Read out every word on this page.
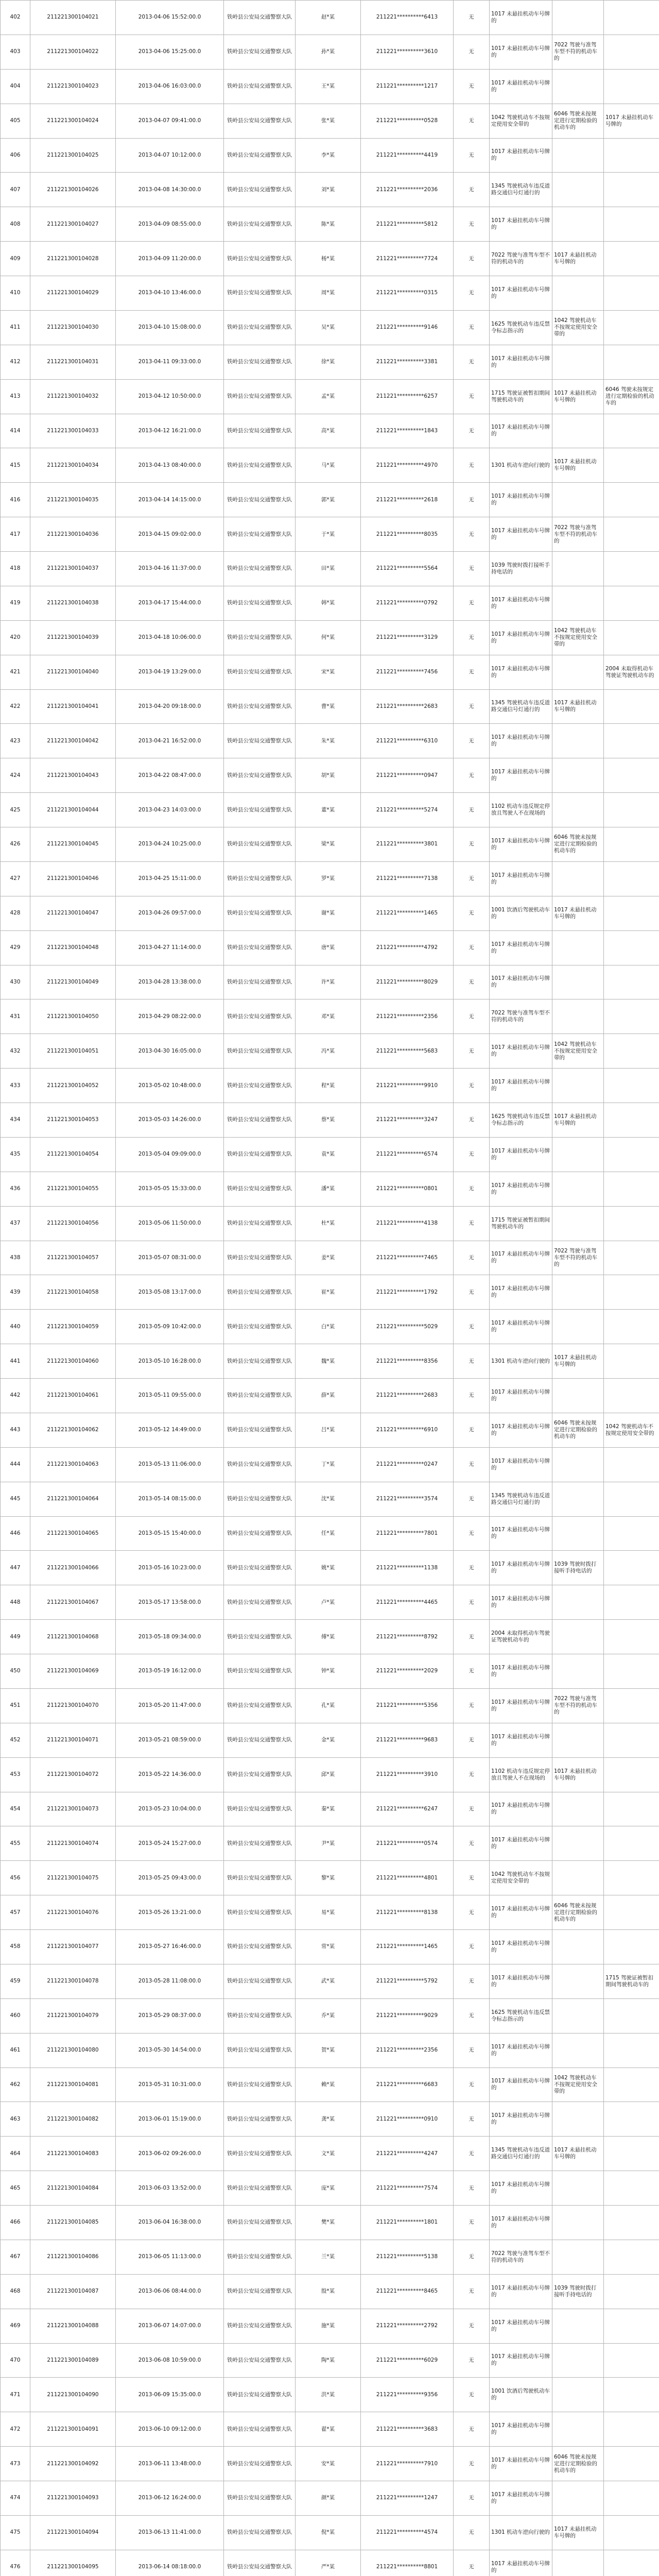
402	211221300104021	2013-04-06 15:52:00.0	铁岭县公安局交通警察大队	赵*某	211221**********6413	无	1017 未悬挂机动车号牌的		
403	211221300104022	2013-04-06 15:25:00.0	铁岭县公安局交通警察大队	孙*某	211221**********3610	无	1017 未悬挂机动车号牌的	7022 驾驶与准驾车型不符的机动车的	
404	211221300104023	2013-04-06 16:03:00.0	铁岭县公安局交通警察大队	王*某	211221**********1217	无	1017 未悬挂机动车号牌的		
405	211221300104024	2013-04-07 09:41:00.0	铁岭县公安局交通警察大队	张*某	211221**********0528	无	1042 驾驶机动车不按规定使用安全带的	6046 驾驶未按规定进行定期检验的机动车的	1017 未悬挂机动车号牌的
406	211221300104025	2013-04-07 10:12:00.0	铁岭县公安局交通警察大队	李*某	211221**********4419	无	1017 未悬挂机动车号牌的		
407	211221300104026	2013-04-08 14:30:00.0	铁岭县公安局交通警察大队	刘*某	211221**********2036	无	1345 驾驶机动车违反道路交通信号灯通行的		
408	211221300104027	2013-04-09 08:55:00.0	铁岭县公安局交通警察大队	陈*某	211221**********5812	无	1017 未悬挂机动车号牌的		
409	211221300104028	2013-04-09 11:20:00.0	铁岭县公安局交通警察大队	杨*某	211221**********7724	无	7022 驾驶与准驾车型不符的机动车的	1017 未悬挂机动车号牌的	
410	211221300104029	2013-04-10 13:46:00.0	铁岭县公安局交通警察大队	周*某	211221**********0315	无	1017 未悬挂机动车号牌的		
411	211221300104030	2013-04-10 15:08:00.0	铁岭县公安局交通警察大队	吴*某	211221**********9146	无	1625 驾驶机动车违反禁令标志指示的	1042 驾驶机动车不按规定使用安全带的	
412	211221300104031	2013-04-11 09:33:00.0	铁岭县公安局交通警察大队	徐*某	211221**********3381	无	1017 未悬挂机动车号牌的		
413	211221300104032	2013-04-12 10:50:00.0	铁岭县公安局交通警察大队	孟*某	211221**********6257	无	1715 驾驶证被暂扣期间驾驶机动车的	1017 未悬挂机动车号牌的	6046 驾驶未按规定进行定期检验的机动车的
414	211221300104033	2013-04-12 16:21:00.0	铁岭县公安局交通警察大队	高*某	211221**********1843	无	1017 未悬挂机动车号牌的		
415	211221300104034	2013-04-13 08:40:00.0	铁岭县公安局交通警察大队	马*某	211221**********4970	无	1301 机动车逆向行驶的	1017 未悬挂机动车号牌的	
416	211221300104035	2013-04-14 14:15:00.0	铁岭县公安局交通警察大队	郭*某	211221**********2618	无	1017 未悬挂机动车号牌的		
417	211221300104036	2013-04-15 09:02:00.0	铁岭县公安局交通警察大队	于*某	211221**********8035	无	1017 未悬挂机动车号牌的	7022 驾驶与准驾车型不符的机动车的	
418	211221300104037	2013-04-16 11:37:00.0	铁岭县公安局交通警察大队	田*某	211221**********5564	无	1039 驾驶时拨打接听手持电话的		
419	211221300104038	2013-04-17 15:44:00.0	铁岭县公安局交通警察大队	韩*某	211221**********0792	无	1017 未悬挂机动车号牌的		
420	211221300104039	2013-04-18 10:06:00.0	铁岭县公安局交通警察大队	何*某	211221**********3129	无	1017 未悬挂机动车号牌的	1042 驾驶机动车不按规定使用安全带的	
421	211221300104040	2013-04-19 13:29:00.0	铁岭县公安局交通警察大队	宋*某	211221**********7456	无	1017 未悬挂机动车号牌的		2004 未取得机动车驾驶证驾驶机动车的
422	211221300104041	2013-04-20 09:18:00.0	铁岭县公安局交通警察大队	曹*某	211221**********2683	无	1345 驾驶机动车违反道路交通信号灯通行的	1017 未悬挂机动车号牌的	
423	211221300104042	2013-04-21 16:52:00.0	铁岭县公安局交通警察大队	朱*某	211221**********6310	无	1017 未悬挂机动车号牌的		
424	211221300104043	2013-04-22 08:47:00.0	铁岭县公安局交通警察大队	胡*某	211221**********0947	无	1017 未悬挂机动车号牌的		
425	211221300104044	2013-04-23 14:03:00.0	铁岭县公安局交通警察大队	董*某	211221**********5274	无	1102 机动车违反规定停放且驾驶人不在现场的		
426	211221300104045	2013-04-24 10:25:00.0	铁岭县公安局交通警察大队	梁*某	211221**********3801	无	1017 未悬挂机动车号牌的	6046 驾驶未按规定进行定期检验的机动车的	
427	211221300104046	2013-04-25 15:11:00.0	铁岭县公安局交通警察大队	罗*某	211221**********7138	无	1017 未悬挂机动车号牌的		
428	211221300104047	2013-04-26 09:57:00.0	铁岭县公安局交通警察大队	谢*某	211221**********1465	无	1001 饮酒后驾驶机动车的	1017 未悬挂机动车号牌的	
429	211221300104048	2013-04-27 11:14:00.0	铁岭县公安局交通警察大队	唐*某	211221**********4792	无	1017 未悬挂机动车号牌的		
430	211221300104049	2013-04-28 13:38:00.0	铁岭县公安局交通警察大队	许*某	211221**********8029	无	1017 未悬挂机动车号牌的		
431	211221300104050	2013-04-29 08:22:00.0	铁岭县公安局交通警察大队	邓*某	211221**********2356	无	7022 驾驶与准驾车型不符的机动车的		
432	211221300104051	2013-04-30 16:05:00.0	铁岭县公安局交通警察大队	冯*某	211221**********5683	无	1017 未悬挂机动车号牌的	1042 驾驶机动车不按规定使用安全带的	
433	211221300104052	2013-05-02 10:48:00.0	铁岭县公安局交通警察大队	程*某	211221**********9910	无	1017 未悬挂机动车号牌的		
434	211221300104053	2013-05-03 14:26:00.0	铁岭县公安局交通警察大队	蔡*某	211221**********3247	无	1625 驾驶机动车违反禁令标志指示的	1017 未悬挂机动车号牌的	
435	211221300104054	2013-05-04 09:09:00.0	铁岭县公安局交通警察大队	袁*某	211221**********6574	无	1017 未悬挂机动车号牌的		
436	211221300104055	2013-05-05 15:33:00.0	铁岭县公安局交通警察大队	潘*某	211221**********0801	无	1017 未悬挂机动车号牌的		
437	211221300104056	2013-05-06 11:50:00.0	铁岭县公安局交通警察大队	杜*某	211221**********4138	无	1715 驾驶证被暂扣期间驾驶机动车的		
438	211221300104057	2013-05-07 08:31:00.0	铁岭县公安局交通警察大队	姜*某	211221**********7465	无	1017 未悬挂机动车号牌的	7022 驾驶与准驾车型不符的机动车的	
439	211221300104058	2013-05-08 13:17:00.0	铁岭县公安局交通警察大队	崔*某	211221**********1792	无	1017 未悬挂机动车号牌的		
440	211221300104059	2013-05-09 10:42:00.0	铁岭县公安局交通警察大队	白*某	211221**********5029	无	1017 未悬挂机动车号牌的		
441	211221300104060	2013-05-10 16:28:00.0	铁岭县公安局交通警察大队	魏*某	211221**********8356	无	1301 机动车逆向行驶的	1017 未悬挂机动车号牌的	
442	211221300104061	2013-05-11 09:55:00.0	铁岭县公安局交通警察大队	薛*某	211221**********2683	无	1017 未悬挂机动车号牌的		
443	211221300104062	2013-05-12 14:49:00.0	铁岭县公安局交通警察大队	吕*某	211221**********6910	无	1017 未悬挂机动车号牌的	6046 驾驶未按规定进行定期检验的机动车的	1042 驾驶机动车不按规定使用安全带的
444	211221300104063	2013-05-13 11:06:00.0	铁岭县公安局交通警察大队	丁*某	211221**********0247	无	1017 未悬挂机动车号牌的		
445	211221300104064	2013-05-14 08:15:00.0	铁岭县公安局交通警察大队	沈*某	211221**********3574	无	1345 驾驶机动车违反道路交通信号灯通行的		
446	211221300104065	2013-05-15 15:40:00.0	铁岭县公安局交通警察大队	任*某	211221**********7801	无	1017 未悬挂机动车号牌的		
447	211221300104066	2013-05-16 10:23:00.0	铁岭县公安局交通警察大队	姚*某	211221**********1138	无	1017 未悬挂机动车号牌的	1039 驾驶时拨打接听手持电话的	
448	211221300104067	2013-05-17 13:58:00.0	铁岭县公安局交通警察大队	卢*某	211221**********4465	无	1017 未悬挂机动车号牌的		
449	211221300104068	2013-05-18 09:34:00.0	铁岭县公安局交通警察大队	傅*某	211221**********8792	无	2004 未取得机动车驾驶证驾驶机动车的		
450	211221300104069	2013-05-19 16:12:00.0	铁岭县公安局交通警察大队	钟*某	211221**********2029	无	1017 未悬挂机动车号牌的		
451	211221300104070	2013-05-20 11:47:00.0	铁岭县公安局交通警察大队	孔*某	211221**********5356	无	1017 未悬挂机动车号牌的	7022 驾驶与准驾车型不符的机动车的	
452	211221300104071	2013-05-21 08:59:00.0	铁岭县公安局交通警察大队	金*某	211221**********9683	无	1017 未悬挂机动车号牌的		
453	211221300104072	2013-05-22 14:36:00.0	铁岭县公安局交通警察大队	邱*某	211221**********3910	无	1102 机动车违反规定停放且驾驶人不在现场的	1017 未悬挂机动车号牌的	
454	211221300104073	2013-05-23 10:04:00.0	铁岭县公安局交通警察大队	秦*某	211221**********6247	无	1017 未悬挂机动车号牌的		
455	211221300104074	2013-05-24 15:27:00.0	铁岭县公安局交通警察大队	尹*某	211221**********0574	无	1017 未悬挂机动车号牌的		
456	211221300104075	2013-05-25 09:43:00.0	铁岭县公安局交通警察大队	黎*某	211221**********4801	无	1042 驾驶机动车不按规定使用安全带的		
457	211221300104076	2013-05-26 13:21:00.0	铁岭县公安局交通警察大队	易*某	211221**********8138	无	1017 未悬挂机动车号牌的	6046 驾驶未按规定进行定期检验的机动车的	
458	211221300104077	2013-05-27 16:46:00.0	铁岭县公安局交通警察大队	常*某	211221**********1465	无	1017 未悬挂机动车号牌的		
459	211221300104078	2013-05-28 11:08:00.0	铁岭县公安局交通警察大队	武*某	211221**********5792	无	1017 未悬挂机动车号牌的		1715 驾驶证被暂扣期间驾驶机动车的
460	211221300104079	2013-05-29 08:37:00.0	铁岭县公安局交通警察大队	乔*某	211221**********9029	无	1625 驾驶机动车违反禁令标志指示的		
461	211221300104080	2013-05-30 14:54:00.0	铁岭县公安局交通警察大队	贺*某	211221**********2356	无	1017 未悬挂机动车号牌的		
462	211221300104081	2013-05-31 10:31:00.0	铁岭县公安局交通警察大队	赖*某	211221**********6683	无	1017 未悬挂机动车号牌的	1042 驾驶机动车不按规定使用安全带的	
463	211221300104082	2013-06-01 15:19:00.0	铁岭县公安局交通警察大队	龚*某	211221**********0910	无	1017 未悬挂机动车号牌的		
464	211221300104083	2013-06-02 09:26:00.0	铁岭县公安局交通警察大队	文*某	211221**********4247	无	1345 驾驶机动车违反道路交通信号灯通行的	1017 未悬挂机动车号牌的	
465	211221300104084	2013-06-03 13:52:00.0	铁岭县公安局交通警察大队	庞*某	211221**********7574	无	1017 未悬挂机动车号牌的		
466	211221300104085	2013-06-04 16:38:00.0	铁岭县公安局交通警察大队	樊*某	211221**********1801	无	1017 未悬挂机动车号牌的		
467	211221300104086	2013-06-05 11:13:00.0	铁岭县公安局交通警察大队	兰*某	211221**********5138	无	7022 驾驶与准驾车型不符的机动车的		
468	211221300104087	2013-06-06 08:44:00.0	铁岭县公安局交通警察大队	殷*某	211221**********8465	无	1017 未悬挂机动车号牌的	1039 驾驶时拨打接听手持电话的	
469	211221300104088	2013-06-07 14:07:00.0	铁岭县公安局交通警察大队	施*某	211221**********2792	无	1017 未悬挂机动车号牌的		
470	211221300104089	2013-06-08 10:59:00.0	铁岭县公安局交通警察大队	陶*某	211221**********6029	无	1017 未悬挂机动车号牌的		
471	211221300104090	2013-06-09 15:35:00.0	铁岭县公安局交通警察大队	洪*某	211221**********9356	无	1001 饮酒后驾驶机动车的		
472	211221300104091	2013-06-10 09:12:00.0	铁岭县公安局交通警察大队	翟*某	211221**********3683	无	1017 未悬挂机动车号牌的		
473	211221300104092	2013-06-11 13:48:00.0	铁岭县公安局交通警察大队	安*某	211221**********7910	无	1017 未悬挂机动车号牌的	6046 驾驶未按规定进行定期检验的机动车的	
474	211221300104093	2013-06-12 16:24:00.0	铁岭县公安局交通警察大队	颜*某	211221**********1247	无	1017 未悬挂机动车号牌的		
475	211221300104094	2013-06-13 11:41:00.0	铁岭县公安局交通警察大队	倪*某	211221**********4574	无	1301 机动车逆向行驶的	1017 未悬挂机动车号牌的	
476	211221300104095	2013-06-14 08:18:00.0	铁岭县公安局交通警察大队	严*某	211221**********8801	无	1017 未悬挂机动车号牌的		
